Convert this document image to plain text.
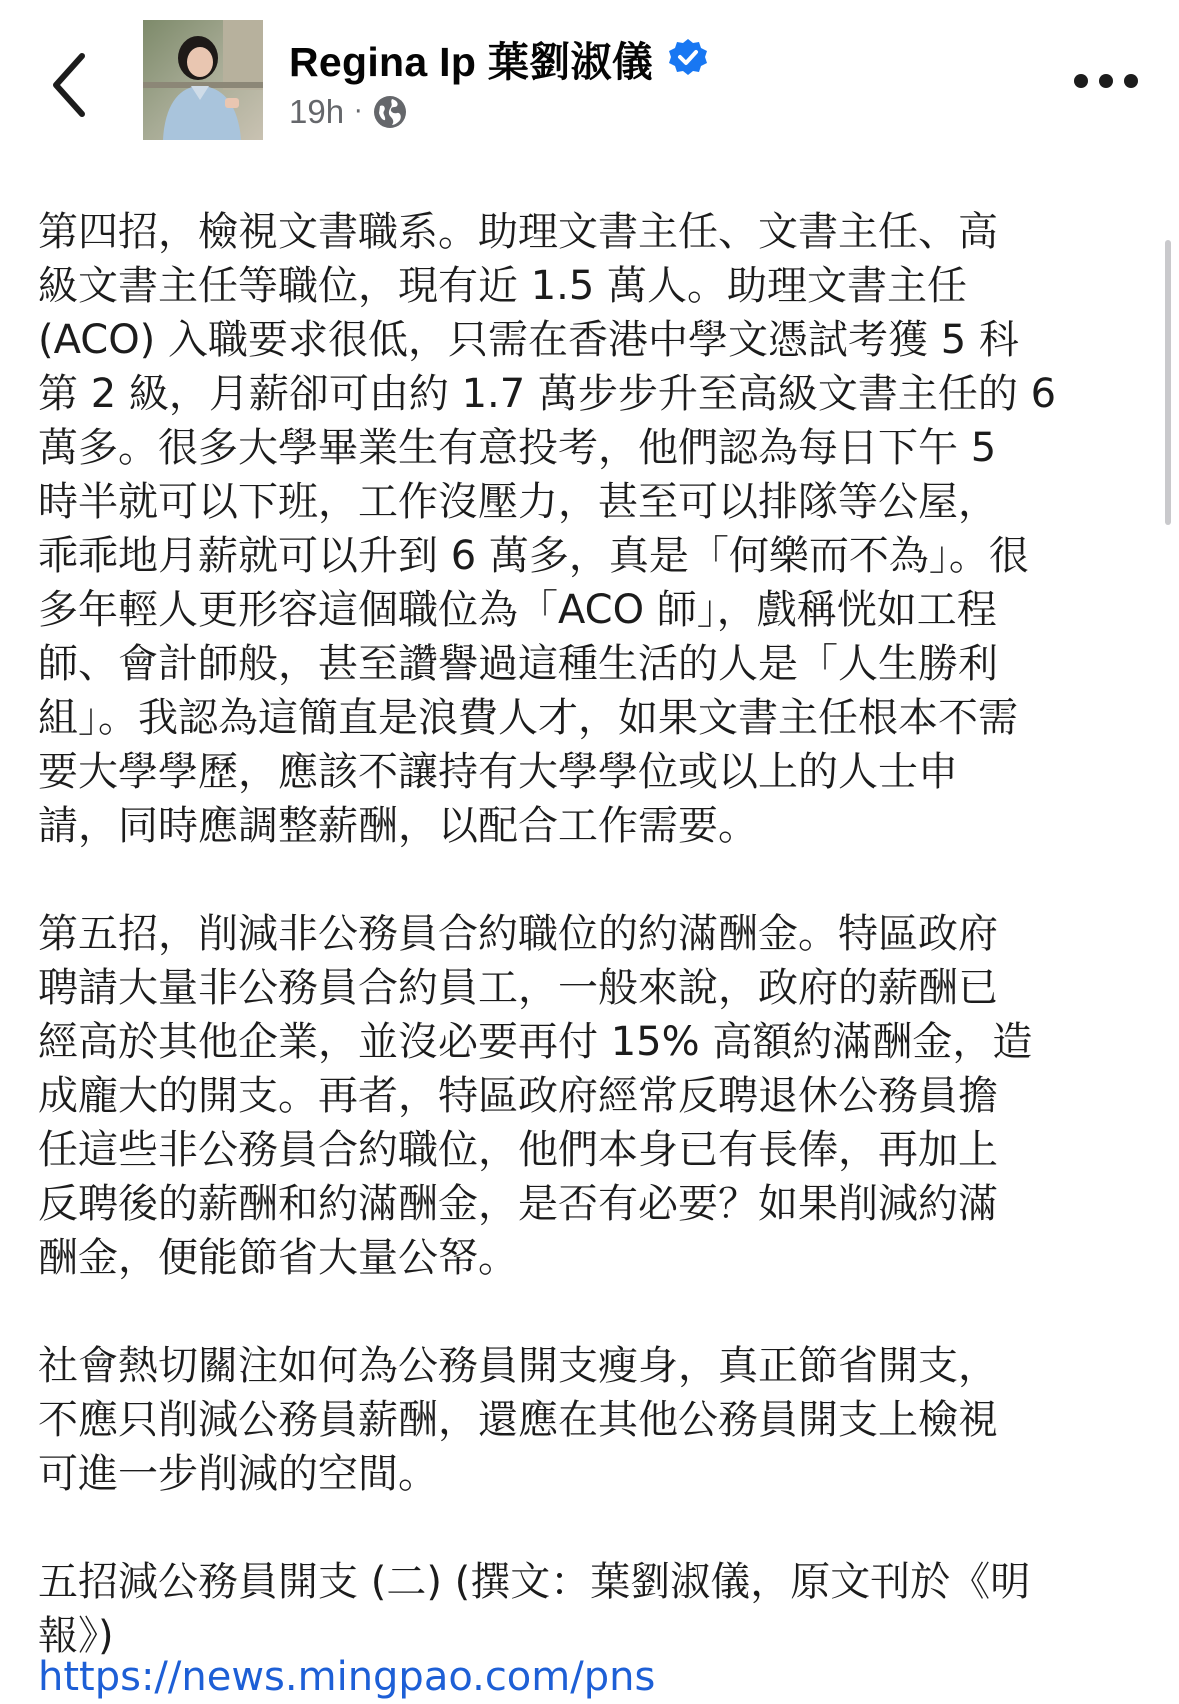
Regina Ip 葉劉淑儀
19h ·

第四招，檢視文書職系。助理文書主任、文書主任、高
級文書主任等職位，現有近 1.5 萬人。助理文書主任
(ACO) 入職要求很低，只需在香港中學文憑試考獲 5 科
第 2 級，月薪卻可由約 1.7 萬步步升至高級文書主任的 6
萬多。很多大學畢業生有意投考，他們認為每日下午 5
時半就可以下班，工作沒壓力，甚至可以排隊等公屋，
乖乖地月薪就可以升到 6 萬多，真是「何樂而不為」。很
多年輕人更形容這個職位為「ACO 師」，戲稱恍如工程
師、會計師般，甚至讚譽過這種生活的人是「人生勝利
組」。我認為這簡直是浪費人才，如果文書主任根本不需
要大學學歷，應該不讓持有大學學位或以上的人士申
請，同時應調整薪酬，以配合工作需要。

第五招，削減非公務員合約職位的約滿酬金。特區政府
聘請大量非公務員合約員工，一般來說，政府的薪酬已
經高於其他企業，並沒必要再付 15% 高額約滿酬金，造
成龐大的開支。再者，特區政府經常反聘退休公務員擔
任這些非公務員合約職位，他們本身已有長俸，再加上
反聘後的薪酬和約滿酬金，是否有必要？如果削減約滿
酬金，便能節省大量公帑。

社會熱切關注如何為公務員開支瘦身，真正節省開支，
不應只削減公務員薪酬，還應在其他公務員開支上檢視
可進一步削減的空間。

五招減公務員開支 (二) (撰文：葉劉淑儀，原文刊於《明
報》)

https://news.mingpao.com/pns
